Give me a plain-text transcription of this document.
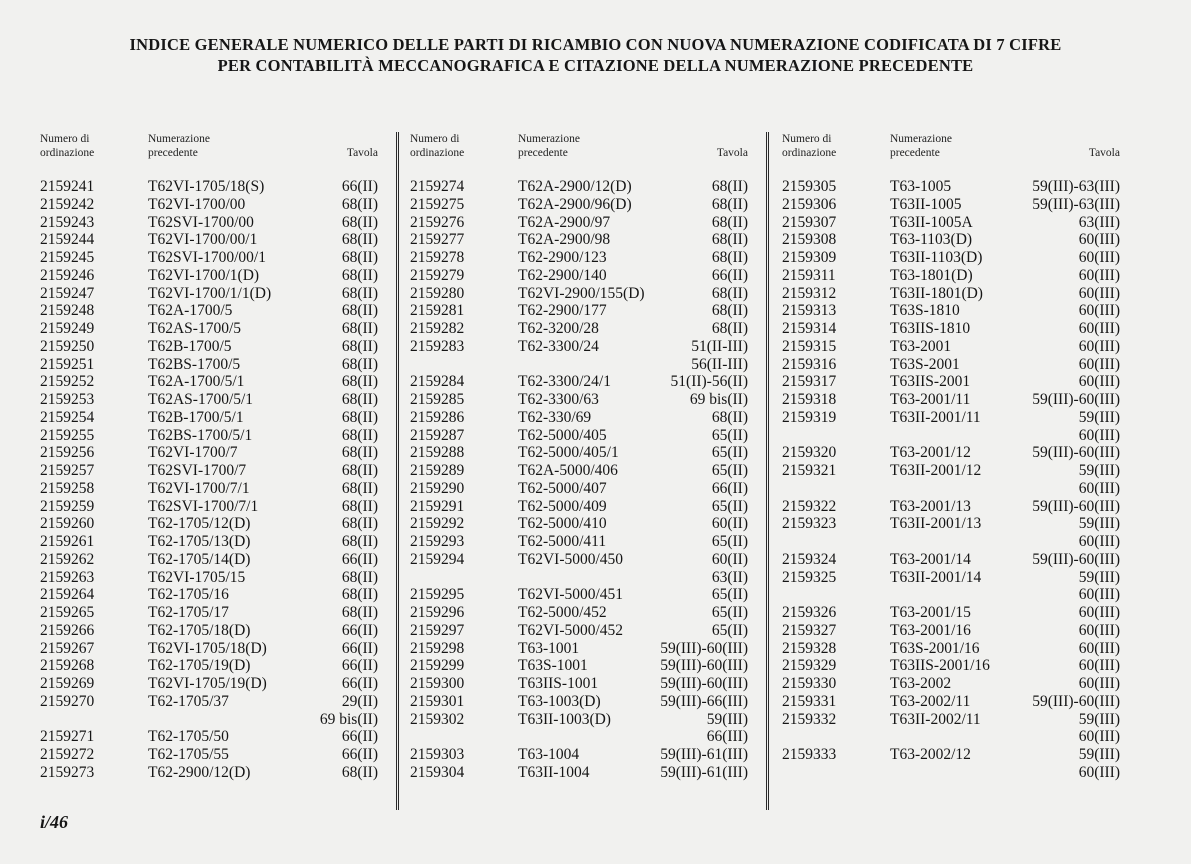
INDICE GENERALE NUMERICO DELLE PARTI DI RICAMBIO CON NUOVA NUMERAZIONE CODIFICATA DI 7 CIFRE
PER CONTABILITÀ MECCANOGRAFICA E CITAZIONE DELLA NUMERAZIONE PRECEDENTE
Numero di
ordinazione
Numerazione
precedente	Tavola
2159241	T62VI-1705/18(S)	66(II)
2159242	T62VI-1700/00	68(II)
2159243	T62SVI-1700/00	68(II)
2159244	T62VI-1700/00/1	68(II)
2159245	T62SVI-1700/00/1	68(II)
2159246	T62VI-1700/1(D)	68(II)
2159247	T62VI-1700/1/1(D)	68(II)
2159248	T62A-1700/5	68(II)
2159249	T62AS-1700/5	68(II)
2159250	T62B-1700/5	68(II)
2159251	T62BS-1700/5	68(II)
2159252	T62A-1700/5/1	68(II)
2159253	T62AS-1700/5/1	68(II)
2159254	T62B-1700/5/1	68(II)
2159255	T62BS-1700/5/1	68(II)
2159256	T62VI-1700/7	68(II)
2159257	T62SVI-1700/7	68(II)
2159258	T62VI-1700/7/1	68(II)
2159259	T62SVI-1700/7/1	68(II)
2159260	T62-1705/12(D)	68(II)
2159261	T62-1705/13(D)	68(II)
2159262	T62-1705/14(D)	66(II)
2159263	T62VI-1705/15	68(II)
2159264	T62-1705/16	68(II)
2159265	T62-1705/17	68(II)
2159266	T62-1705/18(D)	66(II)
2159267	T62VI-1705/18(D)	66(II)
2159268	T62-1705/19(D)	66(II)
2159269	T62VI-1705/19(D)	66(II)
2159270	T62-1705/37	29(II)
69 bis(II)
2159271	T62-1705/50	66(II)
2159272	T62-1705/55	66(II)
2159273	T62-2900/12(D)	68(II)
Numero di
ordinazione
Numerazione
precedente	Tavola
2159274	T62A-2900/12(D)	68(II)
2159275	T62A-2900/96(D)	68(II)
2159276	T62A-2900/97	68(II)
2159277	T62A-2900/98	68(II)
2159278	T62-2900/123	68(II)
2159279	T62-2900/140	66(II)
2159280	T62VI-2900/155(D)	68(II)
2159281	T62-2900/177	68(II)
2159282	T62-3200/28	68(II)
2159283	T62-3300/24	51(II-III)
56(II-III)
2159284	T62-3300/24/1	51(II)-56(II)
2159285	T62-3300/63	69 bis(II)
2159286	T62-330/69	68(II)
2159287	T62-5000/405	65(II)
2159288	T62-5000/405/1	65(II)
2159289	T62A-5000/406	65(II)
2159290	T62-5000/407	66(II)
2159291	T62-5000/409	65(II)
2159292	T62-5000/410	60(II)
2159293	T62-5000/411	65(II)
2159294	T62VI-5000/450	60(II)
63(II)
2159295	T62VI-5000/451	65(II)
2159296	T62-5000/452	65(II)
2159297	T62VI-5000/452	65(II)
2159298	T63-1001	59(III)-60(III)
2159299	T63S-1001	59(III)-60(III)
2159300	T63IIS-1001	59(III)-60(III)
2159301	T63-1003(D)	59(III)-66(III)
2159302	T63II-1003(D)	59(III)
66(III)
2159303	T63-1004	59(III)-61(III)
2159304	T63II-1004	59(III)-61(III)
Numero di
ordinazione
Numerazione
precedente	Tavola
2159305	T63-1005	59(III)-63(III)
2159306	T63II-1005	59(III)-63(III)
2159307	T63II-1005A	63(III)
2159308	T63-1103(D)	60(III)
2159309	T63II-1103(D)	60(III)
2159311	T63-1801(D)	60(III)
2159312	T63II-1801(D)	60(III)
2159313	T63S-1810	60(III)
2159314	T63IIS-1810	60(III)
2159315	T63-2001	60(III)
2159316	T63S-2001	60(III)
2159317	T63IIS-2001	60(III)
2159318	T63-2001/11	59(III)-60(III)
2159319	T63II-2001/11	59(III)
60(III)
2159320	T63-2001/12	59(III)-60(III)
2159321	T63II-2001/12	59(III)
60(III)
2159322	T63-2001/13	59(III)-60(III)
2159323	T63II-2001/13	59(III)
60(III)
2159324	T63-2001/14	59(III)-60(III)
2159325	T63II-2001/14	59(III)
60(III)
2159326	T63-2001/15	60(III)
2159327	T63-2001/16	60(III)
2159328	T63S-2001/16	60(III)
2159329	T63IIS-2001/16	60(III)
2159330	T63-2002	60(III)
2159331	T63-2002/11	59(III)-60(III)
2159332	T63II-2002/11	59(III)
60(III)
2159333	T63-2002/12	59(III)
60(III)
i/46
